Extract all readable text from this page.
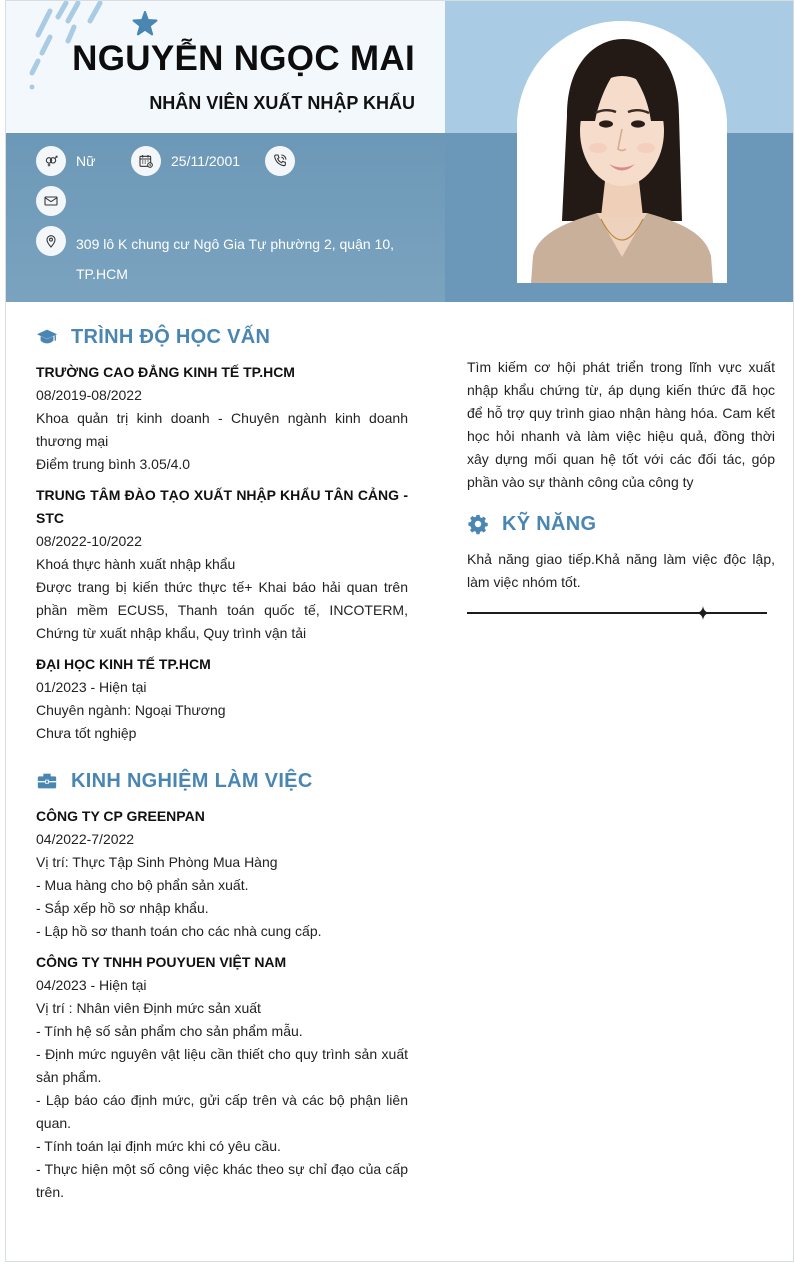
NGUYỄN NGỌC MAI
NHÂN VIÊN XUẤT NHẬP KHẨU
Nữ	25/11/2001
309 lô K chung cư Ngô Gia Tự phường 2, quận 10, TP.HCM
TRÌNH ĐỘ HỌC VẤN
TRƯỜNG CAO ĐẲNG KINH TẾ TP.HCM
08/2019-08/2022
Khoa quản trị kinh doanh - Chuyên ngành kinh doanh thương mại
Điểm trung bình 3.05/4.0
TRUNG TÂM ĐÀO TẠO XUẤT NHẬP KHẨU TÂN CẢNG - STC
08/2022-10/2022
Khoá thực hành xuất nhập khẩu
Được trang bị kiến thức thực tế+ Khai báo hải quan trên phần mềm ECUS5, Thanh toán quốc tế, INCOTERM, Chứng từ xuất nhập khẩu, Quy trình vận tải
ĐẠI HỌC KINH TẾ TP.HCM
01/2023 - Hiện tại
Chuyên ngành: Ngoại Thương
Chưa tốt nghiệp
KINH NGHIỆM LÀM VIỆC
CÔNG TY CP GREENPAN
04/2022-7/2022
Vị trí: Thực Tập Sinh Phòng Mua Hàng
- Mua hàng cho bộ phẩn sản xuất.
- Sắp xếp hồ sơ nhập khẩu.
- Lập hồ sơ thanh toán cho các nhà cung cấp.
CÔNG TY TNHH POUYUEN VIỆT NAM
04/2023 - Hiện tại
Vị trí : Nhân viên Định mức sản xuất
- Tính hệ số sản phẩm cho sản phẩm mẫu.
- Định mức nguyên vật liệu cần thiết cho quy trình sản xuất sản phẩm.
- Lập báo cáo định mức, gửi cấp trên và các bộ phận liên quan.
- Tính toán lại định mức khi có yêu cầu.
- Thực hiện một số công việc khác theo sự chỉ đạo của cấp trên.
Tìm kiếm cơ hội phát triển trong lĩnh vực xuất nhập khẩu chứng từ, áp dụng kiến thức đã học để hỗ trợ quy trình giao nhận hàng hóa. Cam kết học hỏi nhanh và làm việc hiệu quả, đồng thời xây dựng mối quan hệ tốt với các đối tác, góp phần vào sự thành công của công ty
KỸ NĂNG
Khả năng giao tiếp.Khả năng làm việc độc lập, làm việc nhóm tốt.
